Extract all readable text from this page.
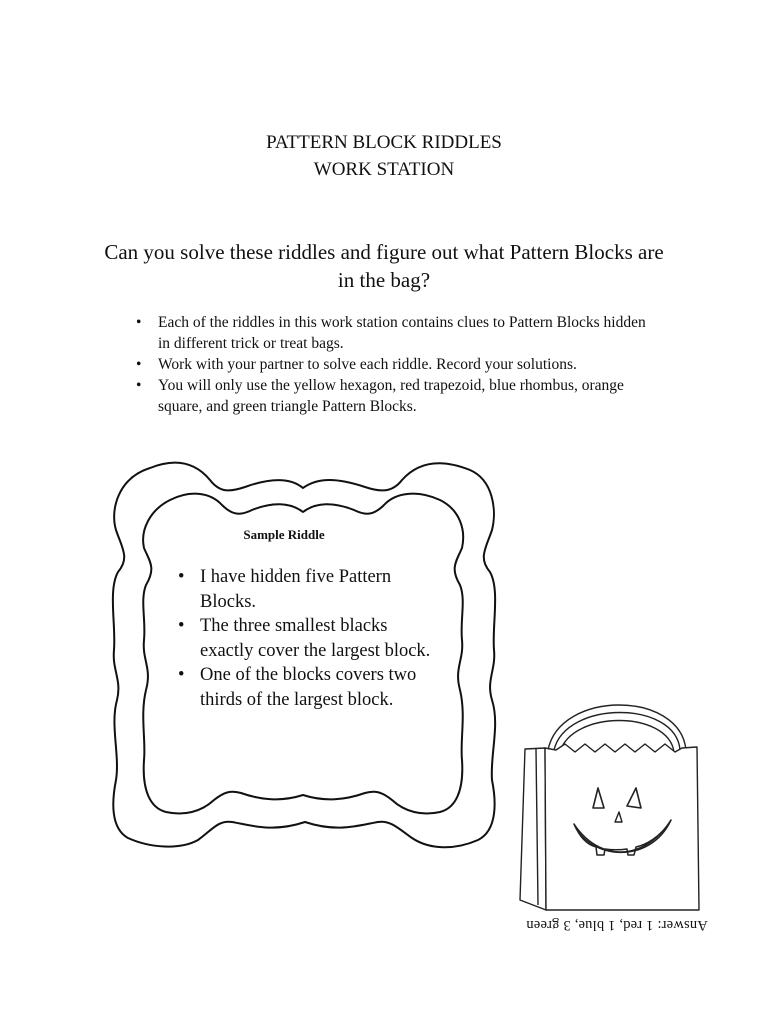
PATTERN BLOCK RIDDLES
WORK STATION
Can you solve these riddles and figure out what Pattern Blocks are in the bag?
• Each of the riddles in this work station contains clues to Pattern Blocks hidden in different trick or treat bags.
• Work with your partner to solve each riddle. Record your solutions.
• You will only use the yellow hexagon, red trapezoid, blue rhombus, orange square, and green triangle Pattern Blocks.
Sample Riddle
• I have hidden five Pattern Blocks.
• The three smallest blacks exactly cover the largest block.
• One of the blocks covers two thirds of the largest block.
Answer: 1 red, 1 blue, 3 green
